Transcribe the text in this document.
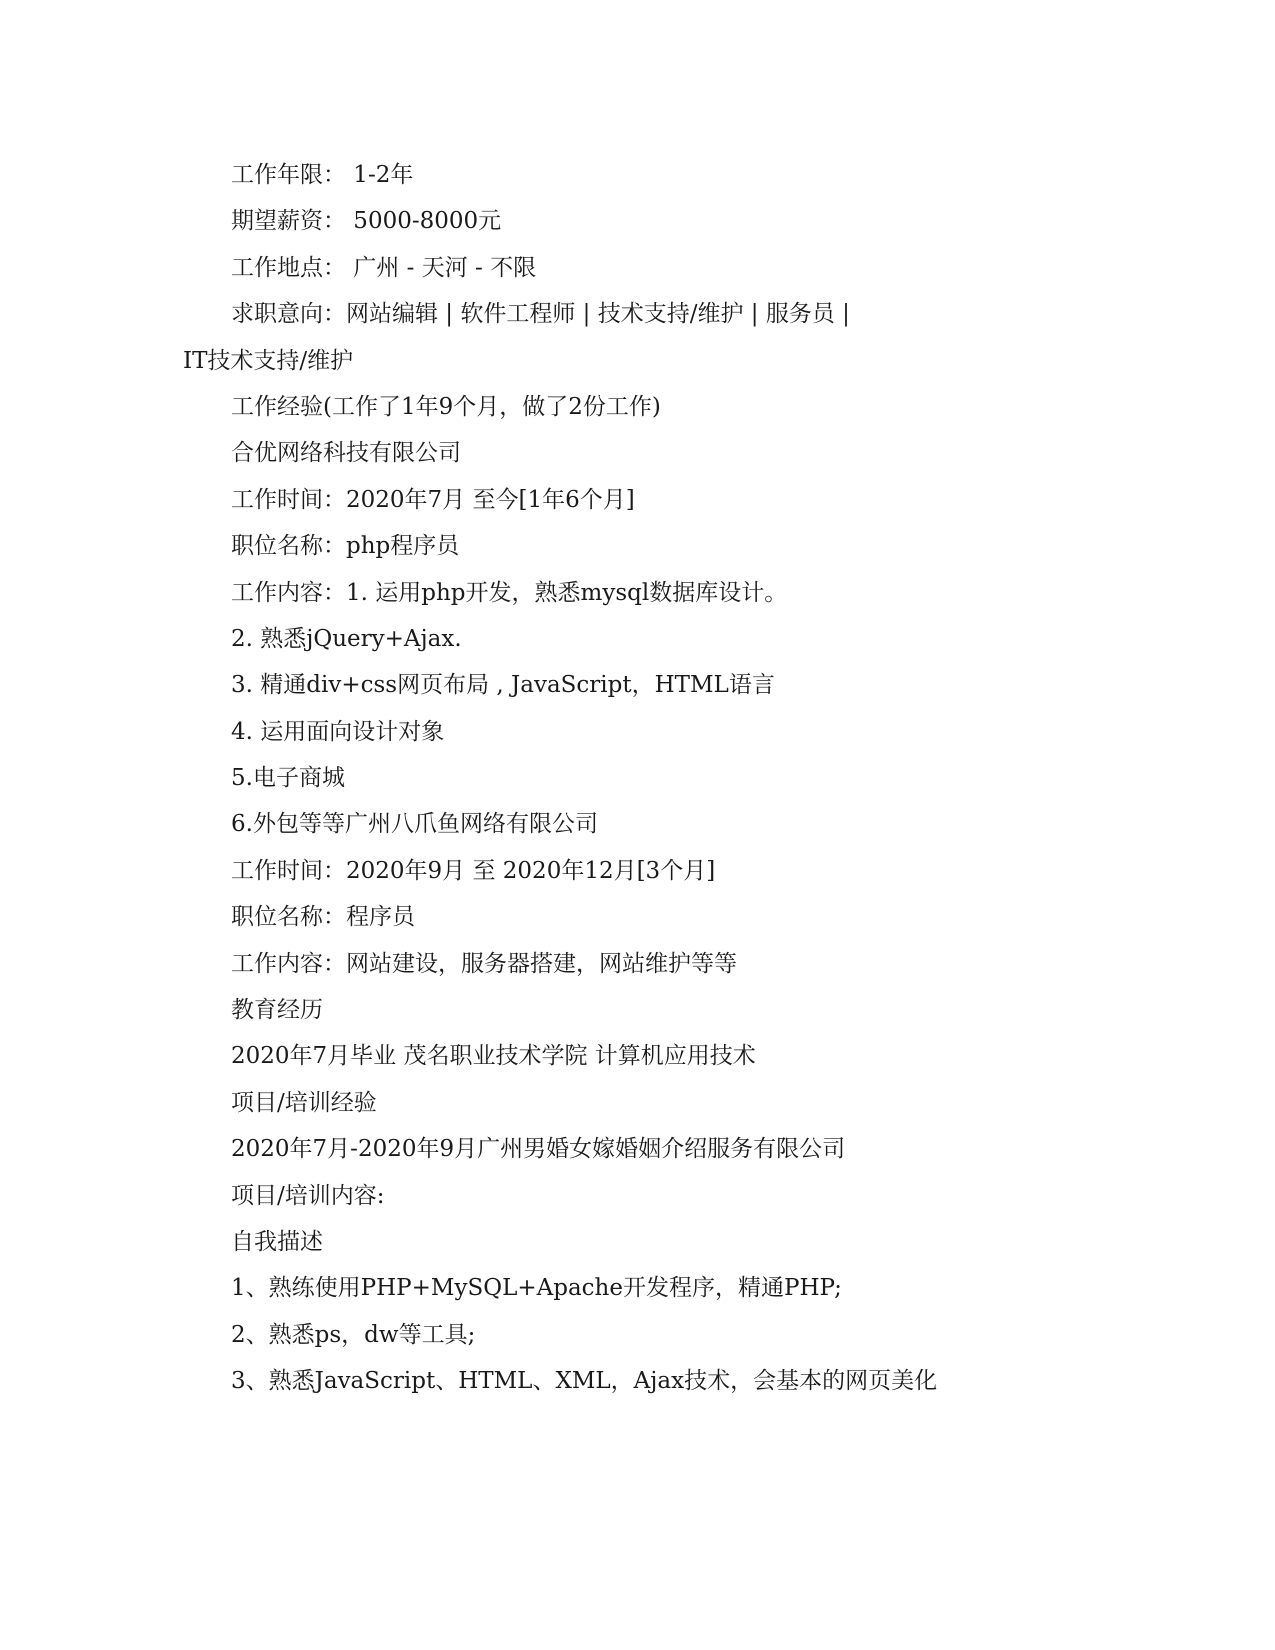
工作年限： 1-2年
期望薪资： 5000-8000元
工作地点： 广州 - 天河 - 不限
求职意向：网站编辑 | 软件工程师 | 技术支持/维护 | 服务员 |
IT技术支持/维护
工作经验(工作了1年9个月，做了2份工作)
合优网络科技有限公司
工作时间：2020年7月 至今[1年6个月]
职位名称：php程序员
工作内容：1. 运用php开发，熟悉mysql数据库设计。
2. 熟悉jQuery+Ajax.
3. 精通div+css网页布局 , JavaScript，HTML语言
4. 运用面向设计对象
5.电子商城
6.外包等等广州八爪鱼网络有限公司
工作时间：2020年9月 至 2020年12月[3个月]
职位名称：程序员
工作内容：网站建设，服务器搭建，网站维护等等
教育经历
2020年7月毕业 茂名职业技术学院 计算机应用技术
项目/培训经验
2020年7月-2020年9月广州男婚女嫁婚姻介绍服务有限公司
项目/培训内容:
自我描述
1、熟练使用PHP+MySQL+Apache开发程序，精通PHP;
2、熟悉ps，dw等工具;
3、熟悉JavaScript、HTML、XML，Ajax技术，会基本的网页美化
